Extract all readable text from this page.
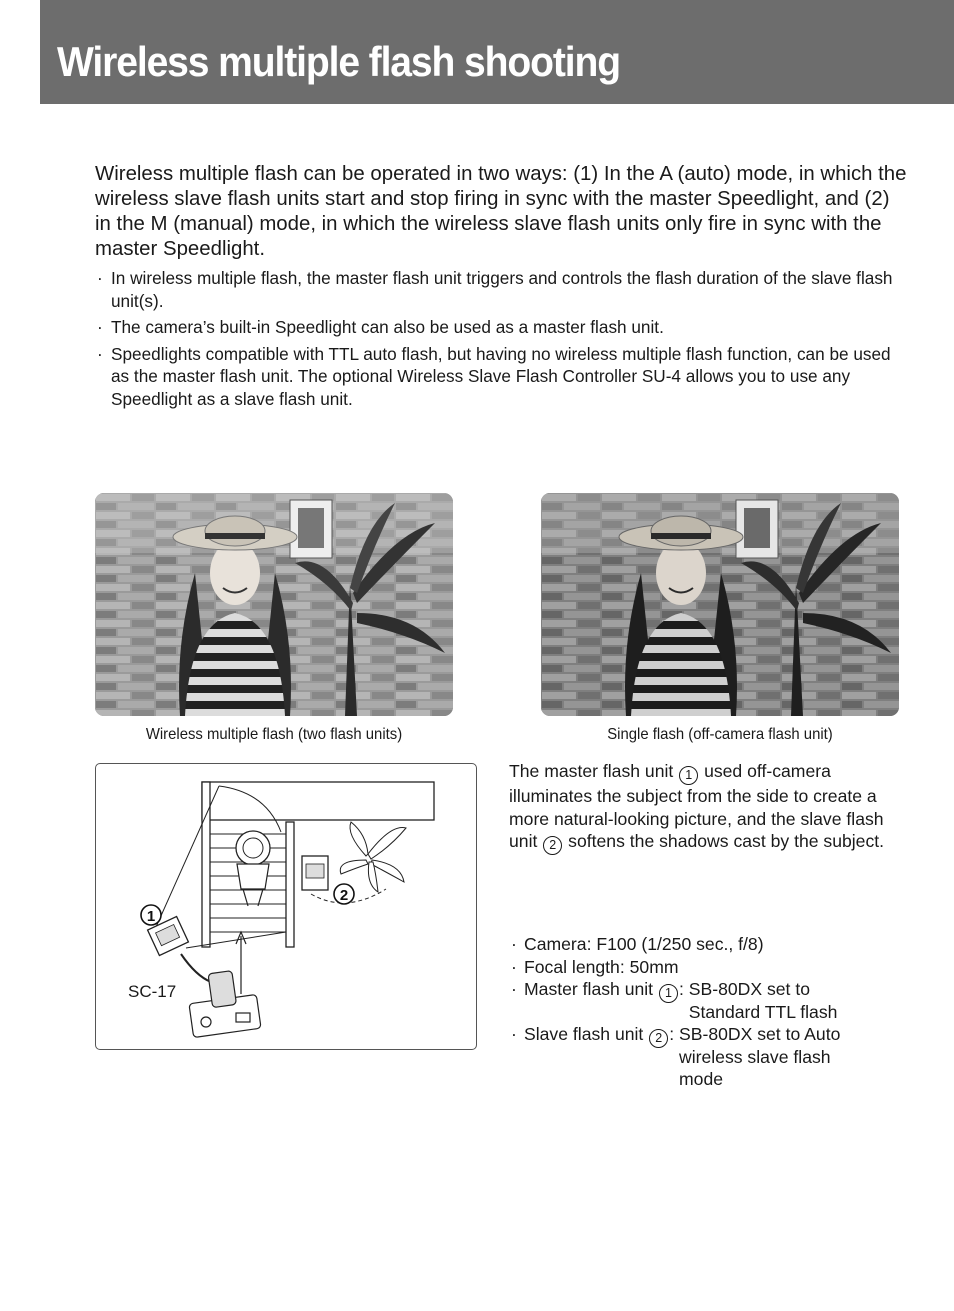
Wireless multiple flash shooting

Wireless multiple flash can be operated in two ways: (1) In the A (auto) mode, in which the wireless slave flash units start and stop firing in sync with the master Speedlight, and (2) in the M (manual) mode, in which the wireless slave flash units only fire in sync with the master Speedlight.

· In wireless multiple flash, the master flash unit triggers and controls the flash duration of the slave flash unit(s).
· The camera’s built-in Speedlight can also be used as a master flash unit.
· Speedlights compatible with TTL auto flash, but having no wireless multiple flash function, can be used as the master flash unit. The optional Wireless Slave Flash Controller SU-4 allows you to use any Speedlight as a slave flash unit.
Wireless multiple flash (two flash units)	Single flash (off-camera flash unit)
1
2
SC-17

The master flash unit 1 used off-camera illuminates the subject from the side to create a more natural-looking picture, and the slave flash unit 2 softens the shadows cast by the subject.

· Camera: F100 (1/250 sec., f/8)
· Focal length: 50mm
· Master flash unit 1 : SB-80DX set to Standard TTL flash
· Slave flash unit 2 : SB-80DX set to Auto wireless slave flash mode
